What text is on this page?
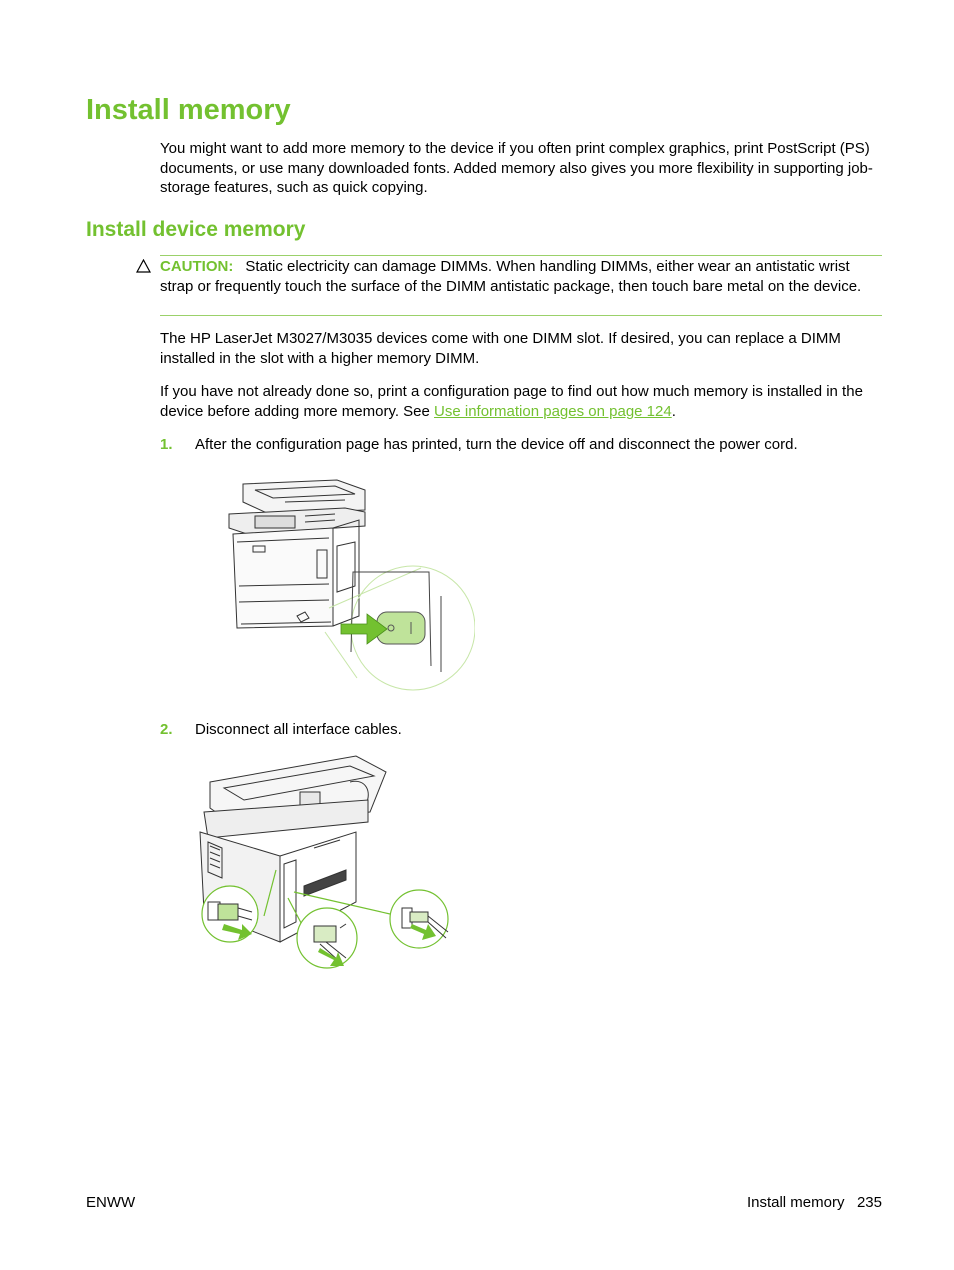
Install memory

You might want to add more memory to the device if you often print complex graphics, print PostScript (PS) documents, or use many downloaded fonts. Added memory also gives you more flexibility in supporting job-storage features, such as quick copying.

Install device memory

CAUTION: Static electricity can damage DIMMs. When handling DIMMs, either wear an antistatic wrist strap or frequently touch the surface of the DIMM antistatic package, then touch bare metal on the device.

The HP LaserJet M3027/M3035 devices come with one DIMM slot. If desired, you can replace a DIMM installed in the slot with a higher memory DIMM.

If you have not already done so, print a configuration page to find out how much memory is installed in the device before adding more memory. See Use information pages on page 124.

1. After the configuration page has printed, turn the device off and disconnect the power cord.
2. Disconnect all interface cables.
ENWW	Install memory   235
